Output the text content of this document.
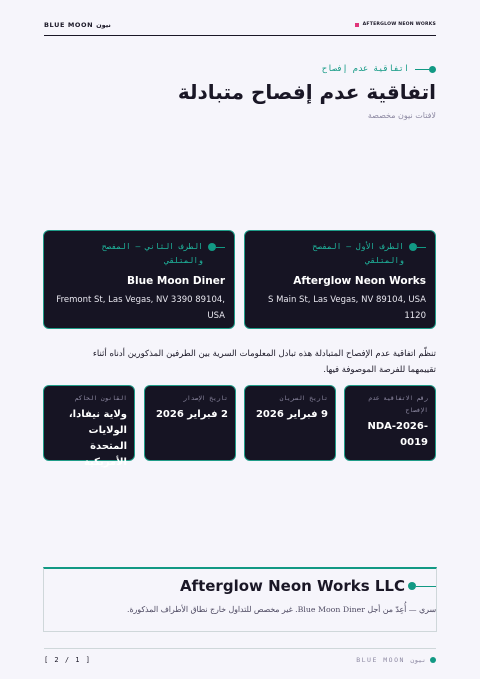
BLUE MOON نيون	AFTERGLOW NEON WORKS
اتفاقية عدم إفصاح
اتفاقية عدم إفصاح متبادلة
لافتات نيون مخصصة
الطرف الأول — المفصح والمتلقي
Afterglow Neon Works
S Main St, Las Vegas, NV 89104, USA 1120
الطرف الثاني — المفصح والمتلقي
Blue Moon Diner
Fremont St, Las Vegas, NV 3390 89104, USA

تنظّم اتفاقية عدم الإفصاح المتبادلة هذه تبادل المعلومات السرية بين الطرفين المذكورين أدناه أثناء تقييمهما للفرصة الموصوفة فيها.

رقم الاتفاقية عدم الإفصاح
NDA-2026-0019
تاريخ السريان
9 فبراير 2026
تاريخ الإصدار
2 فبراير 2026
القانون الحاكم
ولاية نيفادا، الولايات المتحدة الأمريكية
Afterglow Neon Works LLC

سري — أُعِدّ من أجل Blue Moon Diner. غير مخصص للتداول خارج نطاق الأطراف المذكورة.

[ 2 / 1 ]	BLUE MOON نيون
